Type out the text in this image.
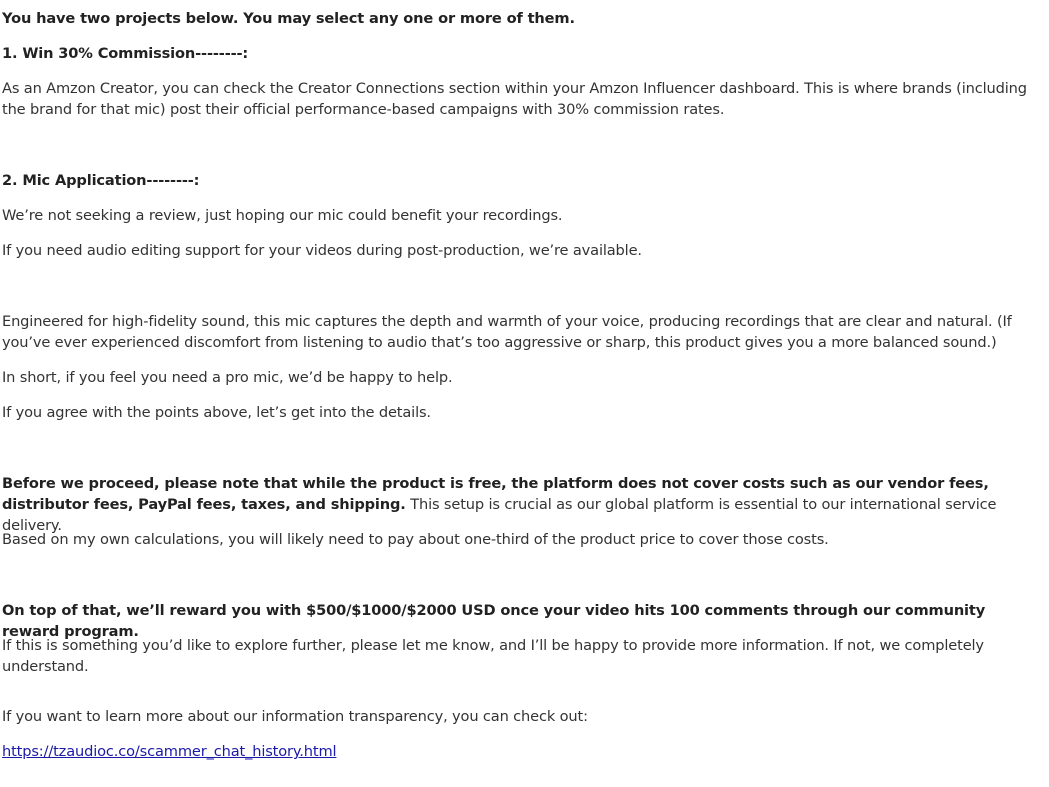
You have two projects below. You may select any one or more of them.

1. Win 30% Commission--------:

As an Amzon Creator, you can check the Creator Connections section within your Amzon Influencer dashboard. This is where brands (including the brand for that mic) post their official performance-based campaigns with 30% commission rates.

2. Mic Application--------:

We’re not seeking a review, just hoping our mic could benefit your recordings.

If you need audio editing support for your videos during post-production, we’re available.

Engineered for high-fidelity sound, this mic captures the depth and warmth of your voice, producing recordings that are clear and natural. (If you’ve ever experienced discomfort from listening to audio that’s too aggressive or sharp, this product gives you a more balanced sound.)

In short, if you feel you need a pro mic, we’d be happy to help.

If you agree with the points above, let’s get into the details.

Before we proceed, please note that while the product is free, the platform does not cover costs such as our vendor fees, distributor fees, PayPal fees, taxes, and shipping. This setup is crucial as our global platform is essential to our international service delivery.

Based on my own calculations, you will likely need to pay about one-third of the product price to cover those costs.

On top of that, we’ll reward you with $500/$1000/$2000 USD once your video hits 100 comments through our community reward program.

If this is something you’d like to explore further, please let me know, and I’ll be happy to provide more information. If not, we completely understand.

If you want to learn more about our information transparency, you can check out:

https://tzaudioc.co/scammer_chat_history.html
